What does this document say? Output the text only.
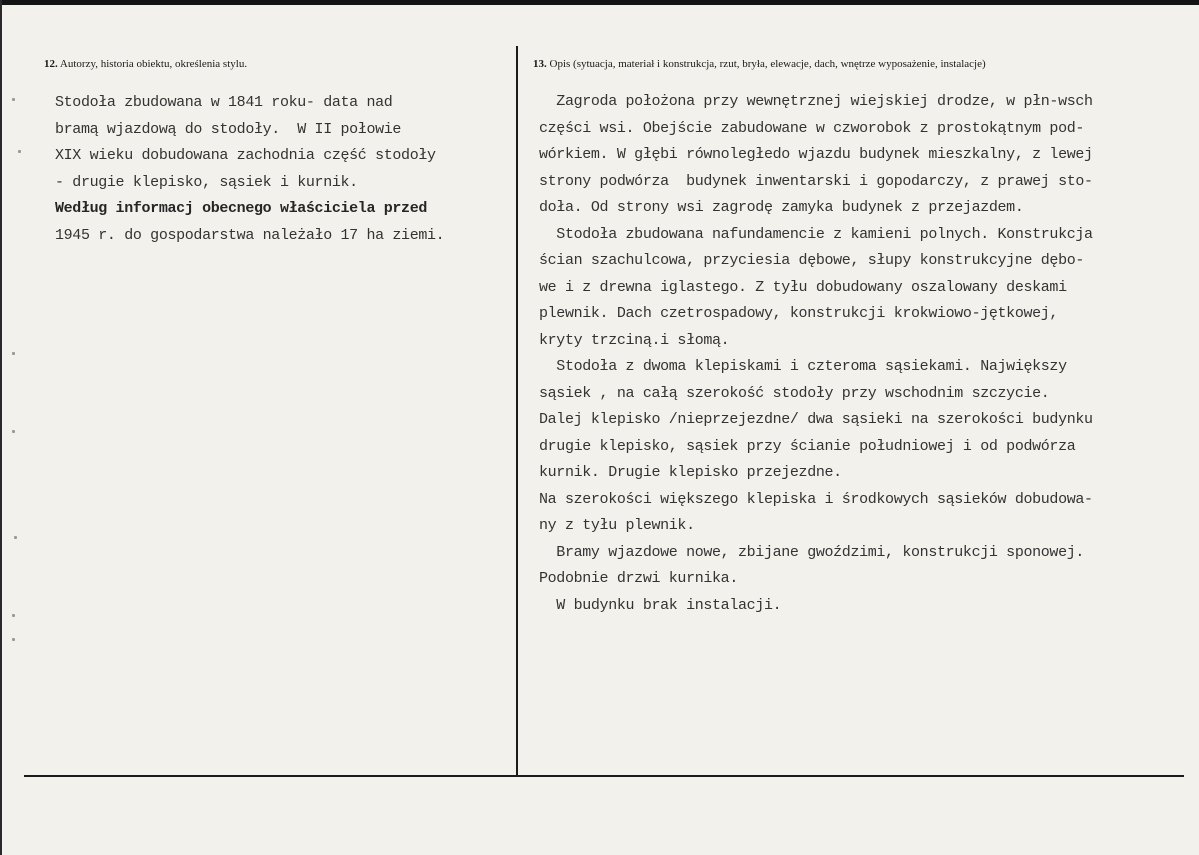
12. Autorzy, historia obiektu, określenia stylu.	13. Opis (sytuacja, materiał i konstrukcja, rzut, bryła, elewacje, dach, wnętrze wyposażenie, instalacje)
Stodoła zbudowana w 1841 roku- data nad
bramą wjazdową do stodoły.  W II połowie
XIX wieku dobudowana zachodnia część stodoły
- drugie klepisko, sąsiek i kurnik.
Według informacj obecnego właściciela przed
1945 r. do gospodarstwa należało 17 ha ziemi.
Zagroda położona przy wewnętrznej wiejskiej drodze, w płn-wsch
części wsi. Obejście zabudowane w czworobok z prostokątnym pod-
wórkiem. W głębi równoległedo wjazdu budynek mieszkalny, z lewej
strony podwórza  budynek inwentarski i gopodarczy, z prawej sto-
doła. Od strony wsi zagrodę zamyka budynek z przejazdem.
Stodoła zbudowana nafundamencie z kamieni polnych. Konstrukcja
ścian szachulcowa, przyciesia dębowe, słupy konstrukcyjne dębo-
we i z drewna iglastego. Z tyłu dobudowany oszalowany deskami
plewnik. Dach czetrospadowy, konstrukcji krokwiowo-jętkowej,
kryty trzciną.i słomą.
Stodoła z dwoma klepiskami i czteroma sąsiekami. Największy
sąsiek , na całą szerokość stodoły przy wschodnim szczycie.
Dalej klepisko /nieprzejezdne/ dwa sąsieki na szerokości budynku
drugie klepisko, sąsiek przy ścianie południowej i od podwórza
kurnik. Drugie klepisko przejezdne.
Na szerokości większego klepiska i środkowych sąsieków dobudowa-
ny z tyłu plewnik.
Bramy wjazdowe nowe, zbijane gwoździmi, konstrukcji sponowej.
Podobnie drzwi kurnika.
W budynku brak instalacji.
